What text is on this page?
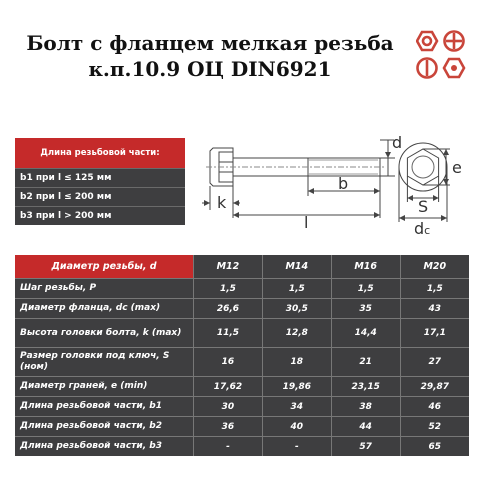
Болт с фланцем мелкая резьба
к.п.10.9 ОЦ DIN6921
Длина резьбовой части:
b1 при l ≤ 125 мм
b2 при l ≤ 200 мм
b3 при l > 200 мм
d
e
b
k
l
S
dc
Диаметр резьбы, d	M12	M14	M16	M20
Шаг резьбы, P	1,5	1,5	1,5	1,5
Диаметр фланца, dc (max)	26,6	30,5	35	43
Высота головки болта, k (max)	11,5	12,8	14,4	17,1
Размер головки под ключ, S (ном)	16	18	21	27
Диаметр граней, e (min)	17,62	19,86	23,15	29,87
Длина резьбовой части, b1	30	34	38	46
Длина резьбовой части, b2	36	40	44	52
Длина резьбовой части, b3	-	-	57	65
